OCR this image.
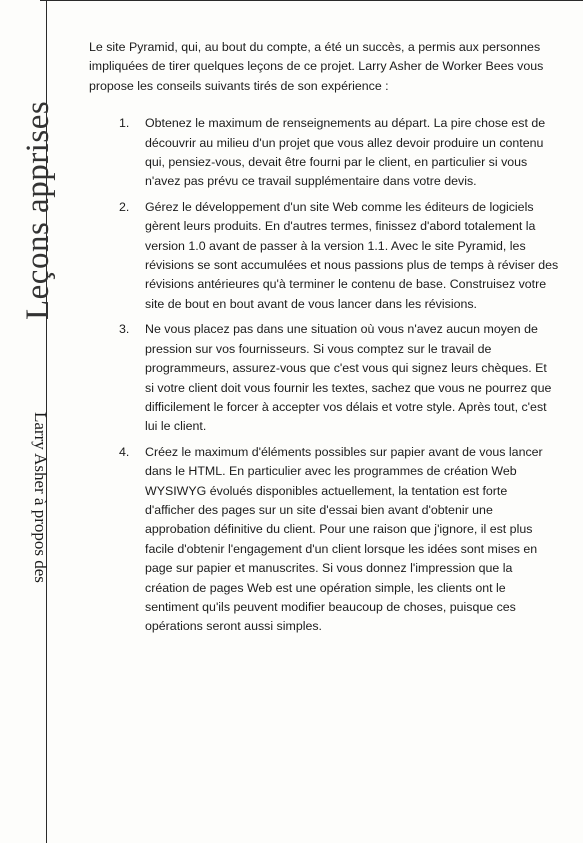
Leçons apprises
Larry Asher à propos des

Le site Pyramid, qui, au bout du compte, a été un succès, a permis aux personnes impliquées de tirer quelques leçons de ce projet. Larry Asher de Worker Bees vous propose les conseils suivants tirés de son expérience :

1.	Obtenez le maximum de renseignements au départ. La pire chose est de découvrir au milieu d'un projet que vous allez devoir produire un contenu qui, pensiez-vous, devait être fourni par le client, en particulier si vous n'avez pas prévu ce travail supplémentaire dans votre devis.
2.	Gérez le développement d'un site Web comme les éditeurs de logiciels gèrent leurs produits. En d'autres termes, finissez d'abord totalement la version 1.0 avant de passer à la version 1.1. Avec le site Pyramid, les révisions se sont accumulées et nous passions plus de temps à réviser des révisions antérieures qu'à terminer le contenu de base. Construisez votre site de bout en bout avant de vous lancer dans les révisions.
3.	Ne vous placez pas dans une situation où vous n'avez aucun moyen de pression sur vos fournisseurs. Si vous comptez sur le travail de programmeurs, assurez-vous que c'est vous qui signez leurs chèques. Et si votre client doit vous fournir les textes, sachez que vous ne pourrez que difficilement le forcer à accepter vos délais et votre style. Après tout, c'est lui le client.
4.	Créez le maximum d'éléments possibles sur papier avant de vous lancer dans le HTML. En particulier avec les programmes de création Web WYSIWYG évolués disponibles actuellement, la tentation est forte d'afficher des pages sur un site d'essai bien avant d'obtenir une approbation définitive du client. Pour une raison que j'ignore, il est plus facile d'obtenir l'engagement d'un client lorsque les idées sont mises en page sur papier et manuscrites. Si vous donnez l'impression que la création de pages Web est une opération simple, les clients ont le sentiment qu'ils peuvent modifier beaucoup de choses, puisque ces opérations seront aussi simples.
